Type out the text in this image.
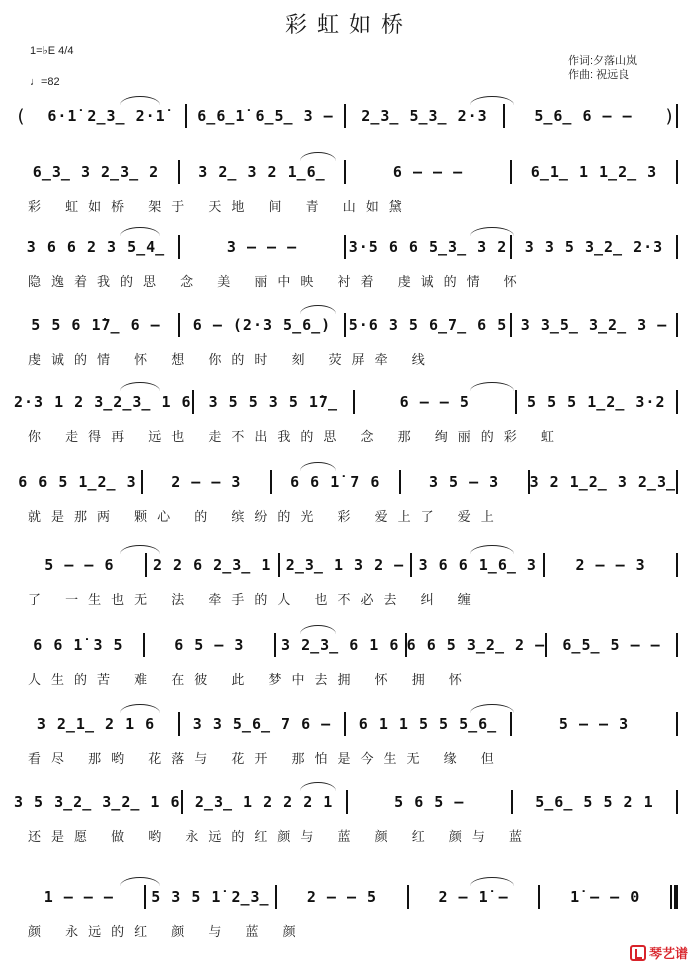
彩虹如桥
1=♭E 4/4
♩=82
作词:夕落山岚
作曲: 祝远良
(	6·1̇ 2̲3̲ 2·1̇	6̲6̲1̇ 6̲5̲ 3 –	2̲3̲ 5̲3̲ 2·3	5̲6̲ 6 – –	)
6̲3̲ 3 2̲3̲ 2	3 2̲ 3 2 1̲6̲	6 – – –	6̲1̲ 1 1̲2̲ 3
彩 虹如桥 架于 天地 间 青 山如黛
3 6 6 2 3 5̲4̲	3 – – –	3·5 6 6 5̲3̲ 3 2	3 3 5 3̲2̲ 2·3
隐逸着我的思 念 美 丽中映 衬着 虔诚的情 怀
5 5 6 1̇7̲ 6 –	6 – (2·3 5̲6̲)	5·6 3 5 6̲7̲ 6 5 3 3̲5̲ 3̲2̲ 3 –
虔诚的情 怀 想 你的时 刻 荧屏牵 线
2·3 1 2 3̲2̲3̲ 1 6	3 5 5 3 5 1̇7̲	6 – – 5	5 5 5 1̲2̲ 3·2
你 走得再 远也 走不出我的思 念 那 绚丽的彩 虹
6 6 5 1̲2̲ 3	2 – – 3	6 6 1̇ 7 6	3 5 – 3	3 2 1̲2̲ 3 2̲3̲
就是那两 颗心 的 缤纷的光 彩 爱上了 爱上
5 – – 6	2 2 6 2̲3̲ 1 2̲3̲ 1 3 2 – 3 6 6 1̲6̲ 3	2 – – 3
了 一生也无 法 牵手的人 也不必去 纠 缠
6 6 1̇ 3 5	6 5 – 3	3 2̲3̲ 6 1 6 6 6 5 3̲2̲ 2 –	6̲5̲ 5 – –
人生的苦 难 在彼 此 梦中去拥 怀 拥 怀
3 2̲1̲ 2 1 6	3 3 5̲6̲ 7 6 –	6 1 1 5 5 5̲6̲	5 – – 3
看尽 那哟 花落与 花开 那怕是今生无 缘 但
3 5 3̲2̲ 3̲2̲ 1 6 2̲3̲ 1 2 2 2 1	5 6 5 –	5̲6̲ 5 5 2 1
还是愿 做 哟 永远的红颜与 蓝 颜 红 颜与 蓝
1 – – –	5 3 5 1̇ 2̲3̲	2 – – 5	2 – 1̇ –	1̇ – – 0
颜 永远的红 颜 与 蓝 颜
琴艺谱
